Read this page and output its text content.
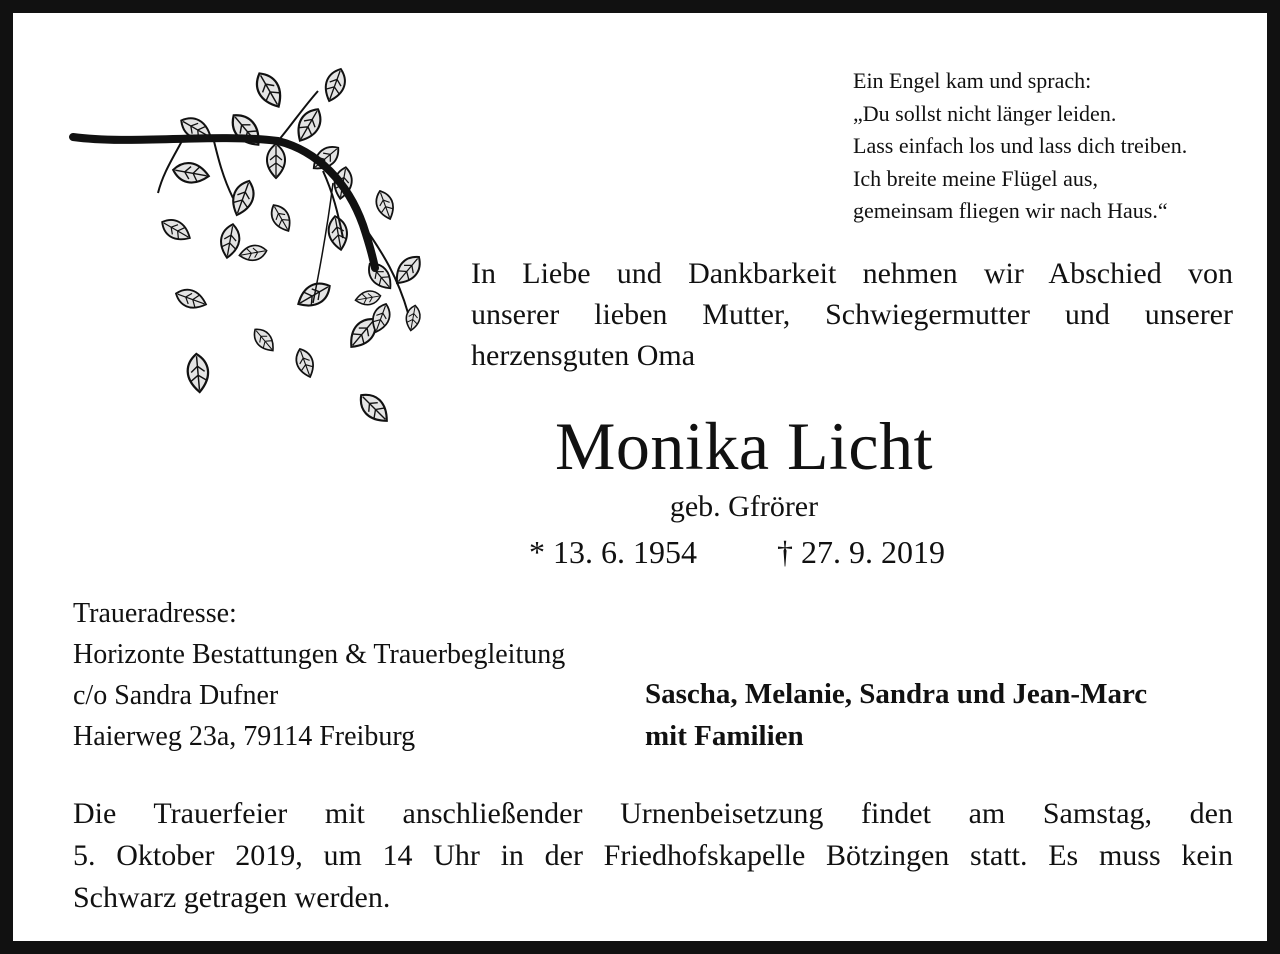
Ein Engel kam und sprach:
„Du sollst nicht länger leiden.
Lass einfach los und lass dich treiben.
Ich breite meine Flügel aus,
gemeinsam fliegen wir nach Haus.“
In Liebe und Dankbarkeit nehmen wir Abschied von
unserer lieben Mutter, Schwiegermutter und unserer
herzensguten Oma
Monika Licht
geb. Gfrörer
* 13. 6. 1954	† 27. 9. 2019
Traueradresse:
Horizonte Bestattungen & Trauerbegleitung
c/o Sandra Dufner
Haierweg 23a, 79114 Freiburg
Sascha, Melanie, Sandra und Jean-Marc
mit Familien
Die Trauerfeier mit anschließender Urnenbeisetzung findet am Samstag, den
5. Oktober 2019, um 14 Uhr in der Friedhofskapelle Bötzingen statt. Es muss kein
Schwarz getragen werden.
